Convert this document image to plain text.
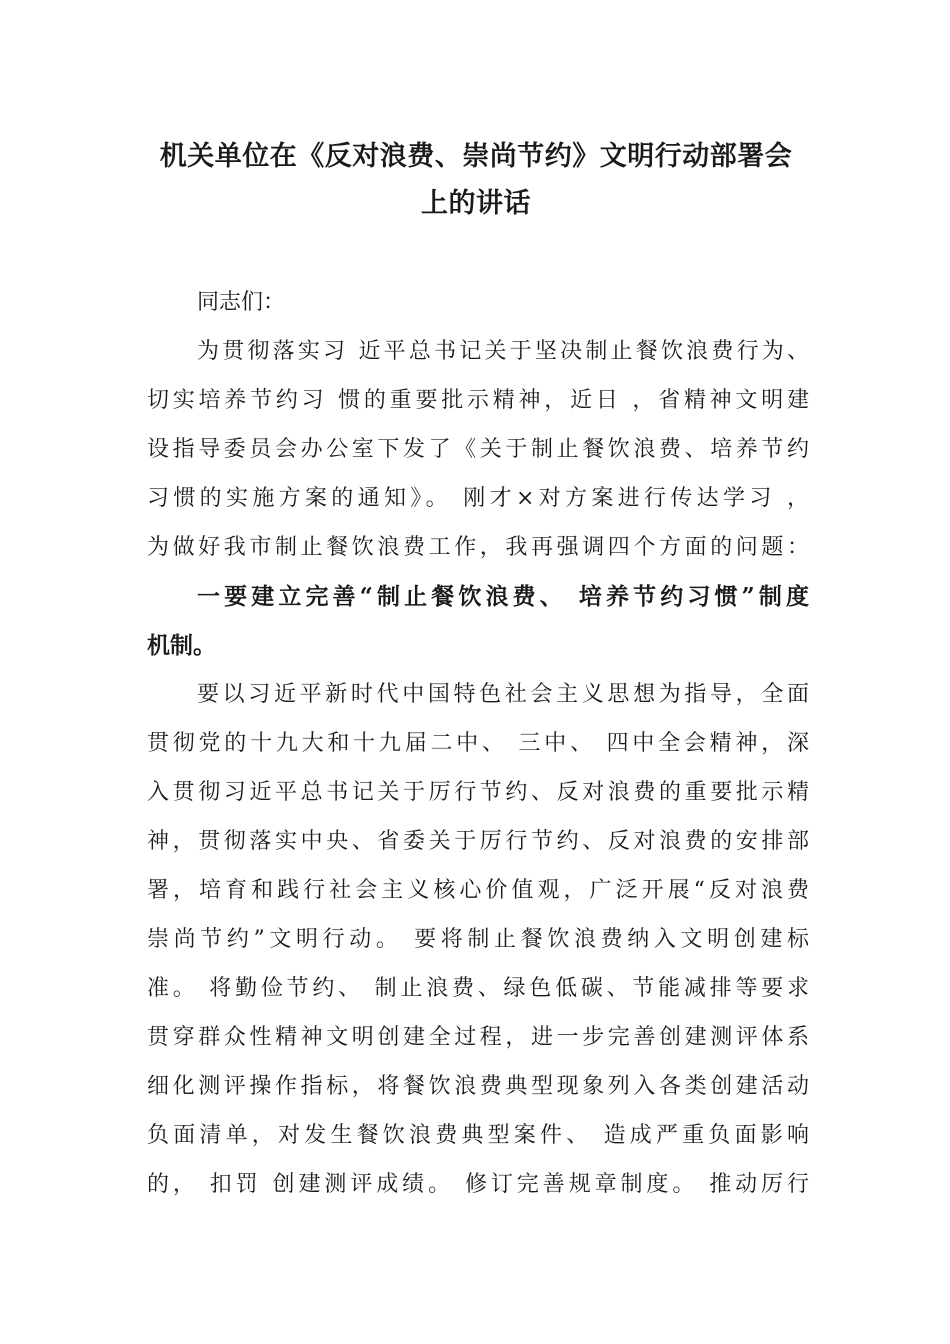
机关单位在《反对浪费、崇尚节约》文明行动部署会
上的讲话
同志们：
为贯彻落实习 近平总书记关于坚决制止餐饮浪费行为、
切实培养节约习 惯的重要批示精神，近日 ，省精神文明建
设指导委员会办公室下发了《关于制止餐饮浪费、培养节约
习惯的实施方案的通知》。 刚才×对方案进行传达学习 ，
为做好我市制止餐饮浪费工作，我再强调四个方面的问题：
一要建立完善“制止餐饮浪费、 培养节约习惯”制度
机制。
要以习近平新时代中国特色社会主义思想为指导，全面
贯彻党的十九大和十九届二中、 三中、 四中全会精神，深
入贯彻习近平总书记关于厉行节约、反对浪费的重要批示精
神，贯彻落实中央、省委关于厉行节约、反对浪费的安排部
署，培育和践行社会主义核心价值观，广泛开展“反对浪费
崇尚节约”文明行动。 要将制止餐饮浪费纳入文明创建标
准。 将勤俭节约、 制止浪费、绿色低碳、节能减排等要求
贯穿群众性精神文明创建全过程，进一步完善创建测评体系
细化测评操作指标，将餐饮浪费典型现象列入各类创建活动
负面清单，对发生餐饮浪费典型案件、 造成严重负面影响
的， 扣罚 创建测评成绩。 修订完善规章制度。 推动厉行
